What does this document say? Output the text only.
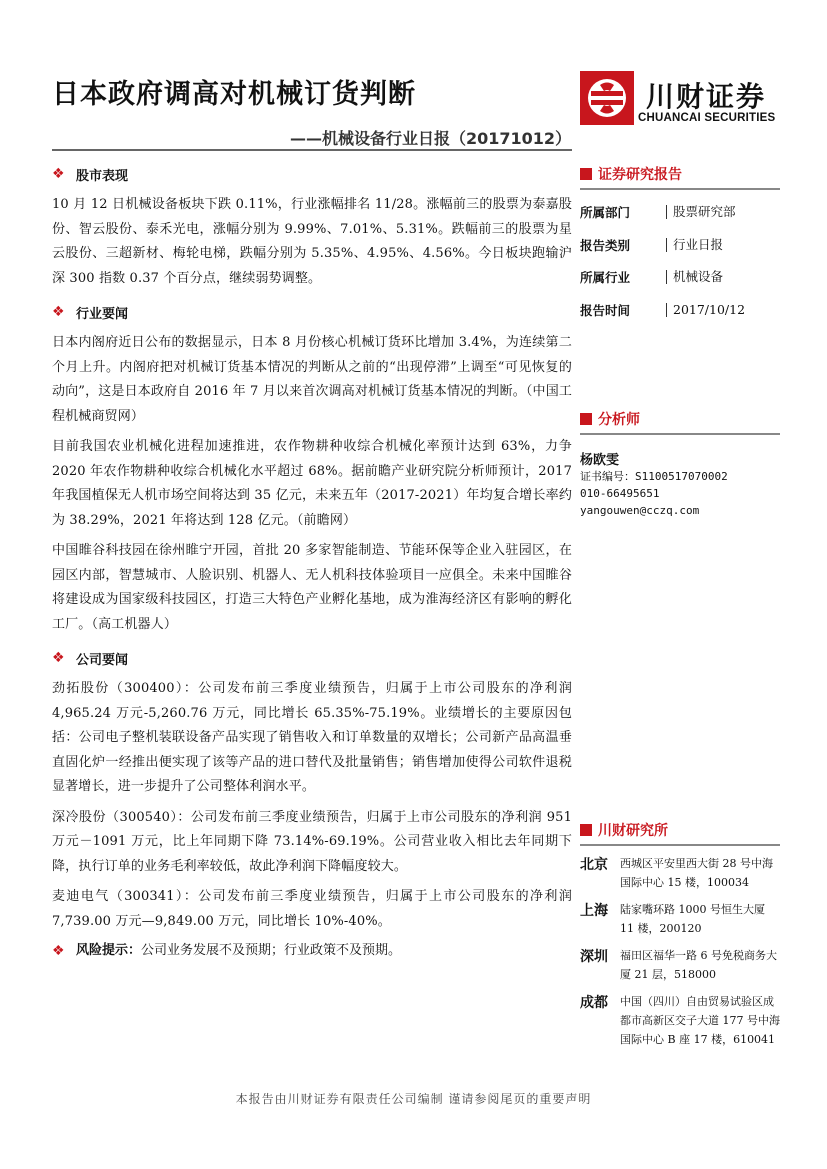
日本政府调高对机械订货判断
——机械设备行业日报（20171012）
川财证券
CHUANCAI SECURITIES
❖ 股市表现

10 月 12 日机械设备板块下跌 0.11%，行业涨幅排名 11/28。涨幅前三的股票为泰嘉股份、智云股份、泰禾光电，涨幅分别为 9.99%、7.01%、5.31%。跌幅前三的股票为星云股份、三超新材、梅轮电梯，跌幅分别为 5.35%、4.95%、4.56%。今日板块跑输沪深 300 指数 0.37 个百分点，继续弱势调整。

❖ 行业要闻

日本内阁府近日公布的数据显示，日本 8 月份核心机械订货环比增加 3.4%，为连续第二个月上升。内阁府把对机械订货基本情况的判断从之前的“出现停滞”上调至“可见恢复的动向”，这是日本政府自 2016 年 7 月以来首次调高对机械订货基本情况的判断。（中国工程机械商贸网）

目前我国农业机械化进程加速推进，农作物耕种收综合机械化率预计达到 63%，力争 2020 年农作物耕种收综合机械化水平超过 68%。据前瞻产业研究院分析师预计，2017 年我国植保无人机市场空间将达到 35 亿元，未来五年（2017-2021）年均复合增长率约为 38.29%，2021 年将达到 128 亿元。（前瞻网）

中国睢谷科技园在徐州睢宁开园，首批 20 多家智能制造、节能环保等企业入驻园区，在园区内部，智慧城市、人脸识别、机器人、无人机科技体验项目一应俱全。未来中国睢谷将建设成为国家级科技园区，打造三大特色产业孵化基地，成为淮海经济区有影响的孵化工厂。（高工机器人）

❖ 公司要闻

劲拓股份（300400）：公司发布前三季度业绩预告，归属于上市公司股东的净利润 4,965.24 万元-5,260.76 万元，同比增长 65.35%-75.19%。业绩增长的主要原因包括：公司电子整机装联设备产品实现了销售收入和订单数量的双增长；公司新产品高温垂直固化炉一经推出便实现了该等产品的进口替代及批量销售；销售增加使得公司软件退税显著增长，进一步提升了公司整体利润水平。

深冷股份（300540）：公司发布前三季度业绩预告，归属于上市公司股东的净利润 951 万元－1091 万元，比上年同期下降 73.14%-69.19%。公司营业收入相比去年同期下降，执行订单的业务毛利率较低，故此净利润下降幅度较大。

麦迪电气（300341）：公司发布前三季度业绩预告，归属于上市公司股东的净利润 7,739.00 万元—9,849.00 万元，同比增长 10%-40%。

❖ 风险提示： 公司业务发展不及预期；行业政策不及预期。
证券研究报告
所属部门	股票研究部
报告类别	行业日报
所属行业	机械设备
报告时间	2017/10/12
分析师
杨欧雯
证书编号：S1100517070002
010-66495651
yangouwen@cczq.com
川财研究所
北京	西城区平安里西大街 28 号中海国际中心 15 楼，100034
上海	陆家嘴环路 1000 号恒生大厦 11 楼，200120
深圳	福田区福华一路 6 号免税商务大厦 21 层，518000
成都	中国（四川）自由贸易试验区成都市高新区交子大道 177 号中海国际中心 B 座 17 楼，610041
本报告由川财证券有限责任公司编制 谨请参阅尾页的重要声明
